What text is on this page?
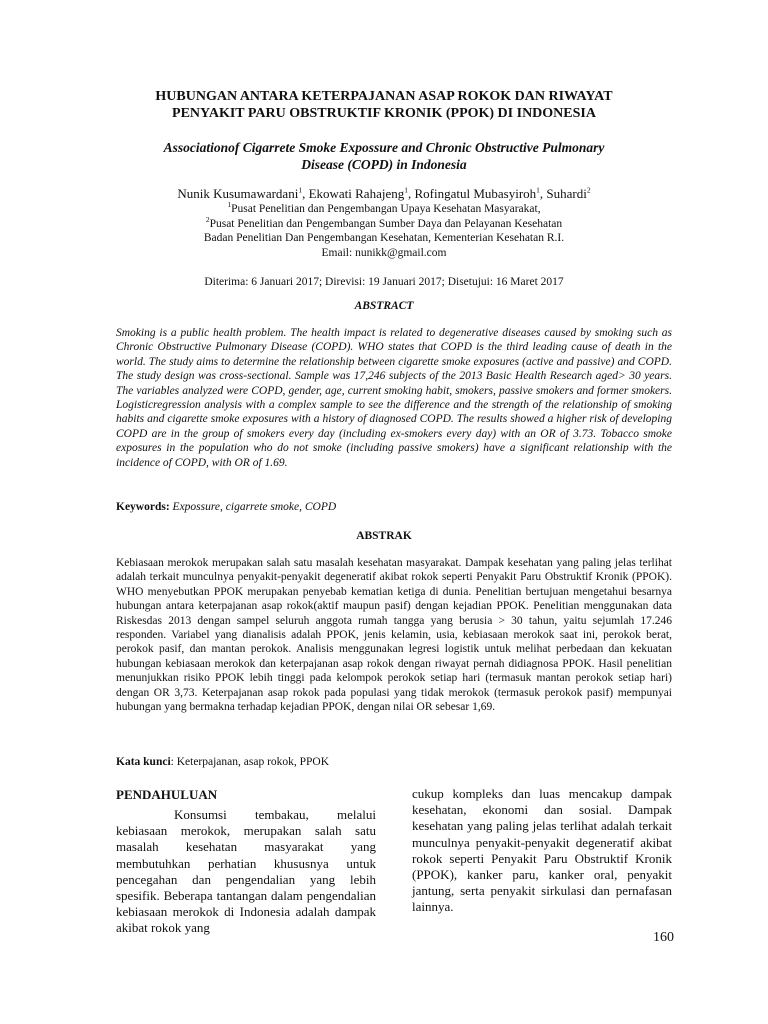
HUBUNGAN ANTARA KETERPAJANAN ASAP ROKOK DAN RIWAYAT
PENYAKIT PARU OBSTRUKTIF KRONIK (PPOK) DI INDONESIA
Associationof Cigarrete Smoke Expossure and Chronic Obstructive Pulmonary
Disease (COPD) in Indonesia
Nunik Kusumawardani$^1$, Ekowati Rahajeng$^1$, Rofingatul Mubasyiroh$^1$, Suhardi$^2$
$^1$Pusat Penelitian dan Pengembangan Upaya Kesehatan Masyarakat,
$^2$Pusat Penelitian dan Pengembangan Sumber Daya dan Pelayanan Kesehatan
Badan Penelitian Dan Pengembangan Kesehatan, Kementerian Kesehatan R.I.
Email: nunikk@gmail.com
Diterima: 6 Januari 2017; Direvisi: 19 Januari 2017; Disetujui: 16 Maret 2017
ABSTRACT
Smoking is a public health problem. The health impact is related to degenerative diseases caused by smoking such as Chronic Obstructive Pulmonary Disease (COPD). WHO states that COPD is the third leading cause of death in the world. The study aims to determine the relationship between cigarette smoke exposures (active and passive) and COPD. The study design was cross-sectional. Sample was 17,246 subjects of the 2013 Basic Health Research aged> 30 years. The variables analyzed were COPD, gender, age, current smoking habit, smokers, passive smokers and former smokers. Logisticregression analysis with a complex sample to see the difference and the strength of the relationship of smoking habits and cigarette smoke exposures with a history of diagnosed COPD. The results showed a higher risk of developing COPD are in the group of smokers every day (including ex-smokers every day) with an OR of 3.73. Tobacco smoke exposures in the population who do not smoke (including passive smokers) have a significant relationship with the incidence of COPD, with OR of 1.69.
Keywords: Expossure, cigarrete smoke, COPD
ABSTRAK
Kebiasaan merokok merupakan salah satu masalah kesehatan masyarakat. Dampak kesehatan yang paling jelas terlihat adalah terkait munculnya penyakit-penyakit degeneratif akibat rokok seperti Penyakit Paru Obstruktif Kronik (PPOK). WHO menyebutkan PPOK merupakan penyebab kematian ketiga di dunia. Penelitian bertujuan mengetahui besarnya hubungan antara keterpajanan asap rokok(aktif maupun pasif) dengan kejadian PPOK. Penelitian menggunakan data Riskesdas 2013 dengan sampel seluruh anggota rumah tangga yang berusia > 30 tahun, yaitu sejumlah 17.246 responden. Variabel yang dianalisis adalah PPOK, jenis kelamin, usia, kebiasaan merokok saat ini, perokok berat, perokok pasif, dan mantan perokok. Analisis menggunakan legresi logistik untuk melihat perbedaan dan kekuatan hubungan kebiasaan merokok dan keterpajanan asap rokok dengan riwayat pernah didiagnosa PPOK. Hasil penelitian menunjukkan risiko PPOK lebih tinggi pada kelompok perokok setiap hari (termasuk mantan perokok setiap hari) dengan OR 3,73. Keterpajanan asap rokok pada populasi yang tidak merokok (termasuk perokok pasif) mempunyai hubungan yang bermakna terhadap kejadian PPOK, dengan nilai OR sebesar 1,69.
Kata kunci: Keterpajanan, asap rokok, PPOK
PENDAHULUAN
Konsumsi tembakau, melalui kebiasaan merokok, merupakan salah satu masalah kesehatan masyarakat yang membutuhkan perhatian khususnya untuk pencegahan dan pengendalian yang lebih spesifik. Beberapa tantangan dalam pengendalian kebiasaan merokok di Indonesia adalah dampak akibat rokok yang
cukup kompleks dan luas mencakup dampak kesehatan, ekonomi dan sosial. Dampak kesehatan yang paling jelas terlihat adalah terkait munculnya penyakit-penyakit degeneratif akibat rokok seperti Penyakit Paru Obstruktif Kronik (PPOK), kanker paru, kanker oral, penyakit jantung, serta penyakit sirkulasi dan pernafasan lainnya.
160
